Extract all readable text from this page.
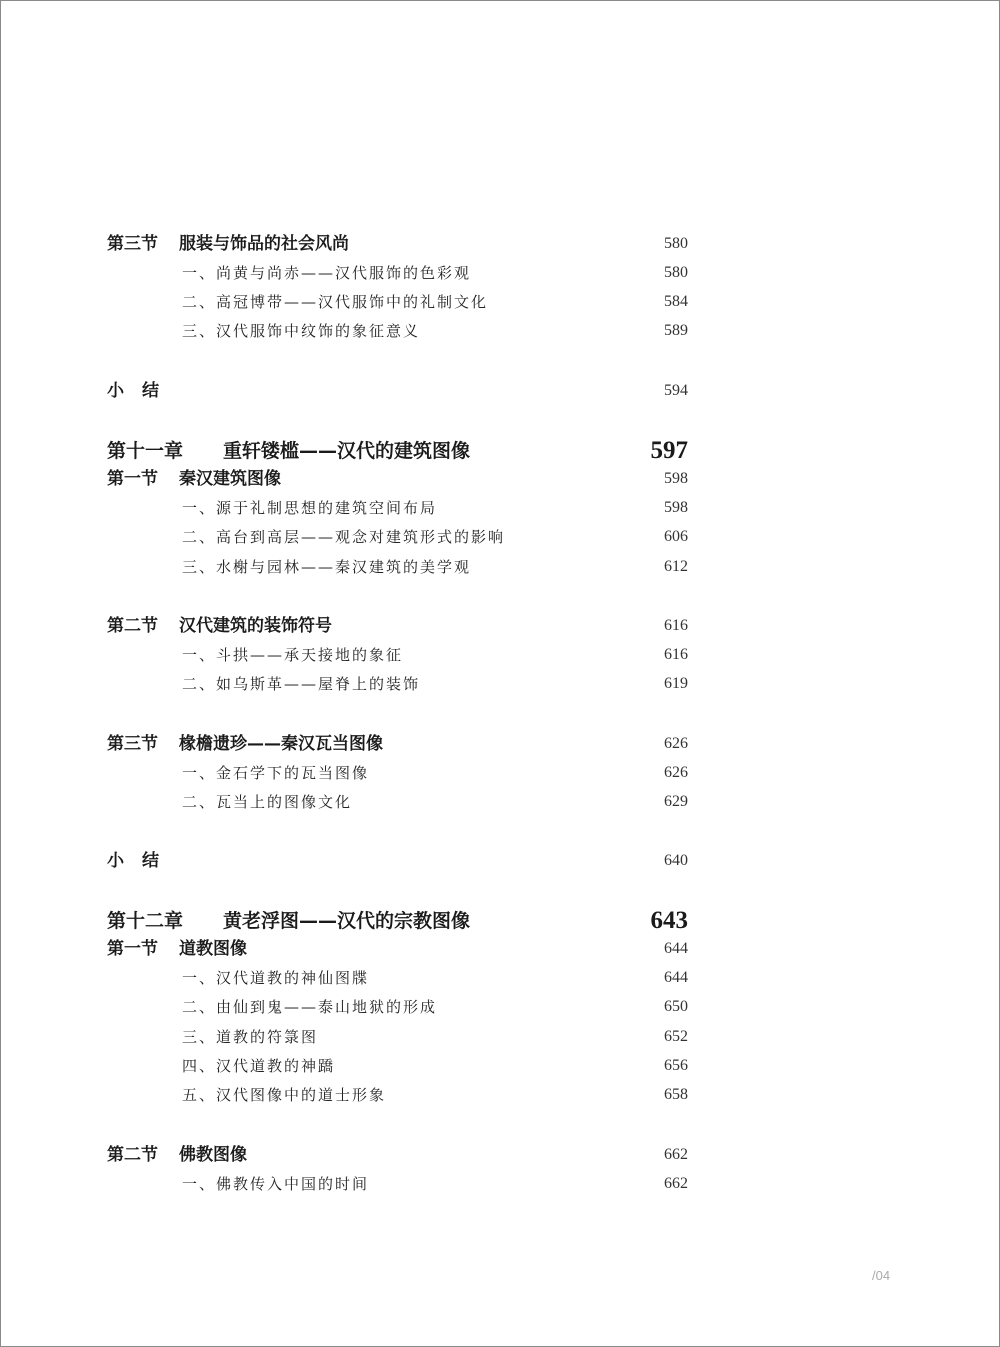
第三节 服装与饰品的社会风尚	580
一、尚黄与尚赤——汉代服饰的色彩观	580
二、高冠博带——汉代服饰中的礼制文化	584
三、汉代服饰中纹饰的象征意义	589
小结	594
第十一章 重轩镂槛——汉代的建筑图像	597
第一节 秦汉建筑图像	598
一、源于礼制思想的建筑空间布局	598
二、高台到高层——观念对建筑形式的影响	606
三、水榭与园林——秦汉建筑的美学观	612
第二节 汉代建筑的装饰符号	616
一、斗拱——承天接地的象征	616
二、如乌斯革——屋脊上的装饰	619
第三节 椽檐遗珍——秦汉瓦当图像	626
一、金石学下的瓦当图像	626
二、瓦当上的图像文化	629
小结	640
第十二章 黄老浮图——汉代的宗教图像	643
第一节 道教图像	644
一、汉代道教的神仙图牒	644
二、由仙到鬼——泰山地狱的形成	650
三、道教的符箓图	652
四、汉代道教的神蹻	656
五、汉代图像中的道士形象	658
第二节 佛教图像	662
一、佛教传入中国的时间	662
/04
